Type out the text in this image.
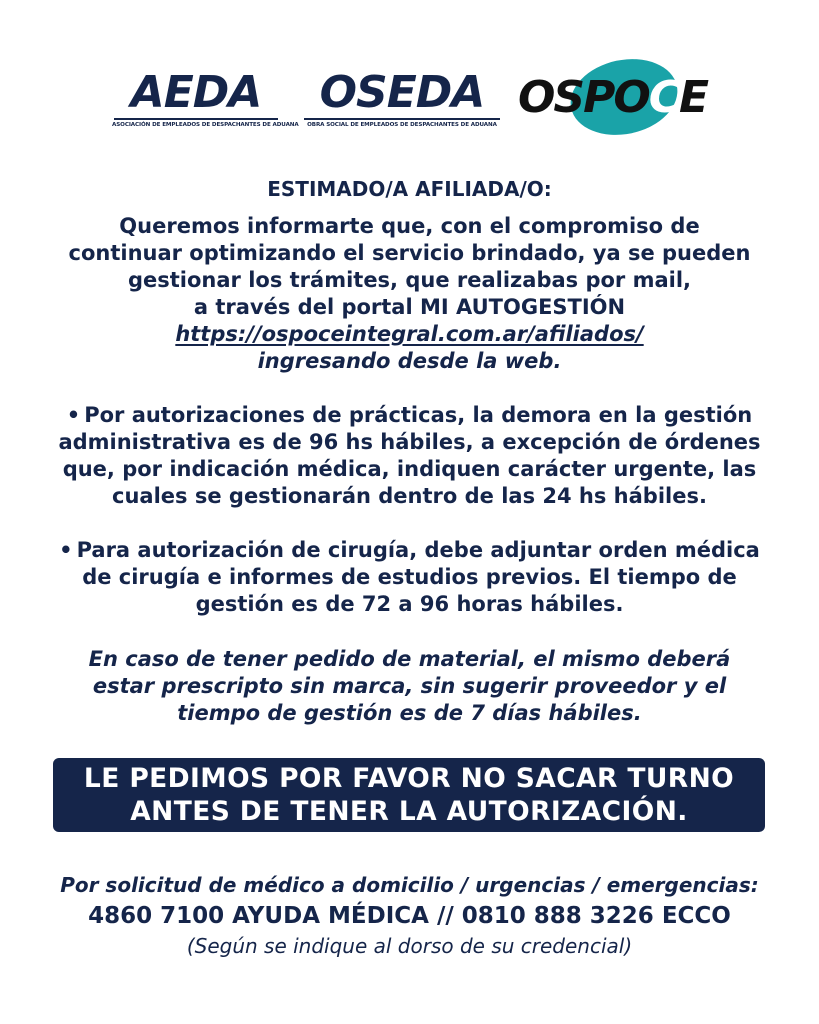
AEDA
ASOCIACIÓN DE EMPLEADOS DE DESPACHANTES DE ADUANA
OSEDA
OBRA SOCIAL DE EMPLEADOS DE DESPACHANTES DE ADUANA
OSPOCE
ESTIMADO/A AFILIADA/O:
Queremos informarte que, con el compromiso de
continuar optimizando el servicio brindado, ya se pueden
gestionar los trámites, que realizabas por mail,
a través del portal MI AUTOGESTIÓN
https://ospoceintegral.com.ar/afiliados/
ingresando desde la web.
• Por autorizaciones de prácticas, la demora en la gestión
administrativa es de 96 hs hábiles, a excepción de órdenes
que, por indicación médica, indiquen carácter urgente, las
cuales se gestionarán dentro de las 24 hs hábiles.
• Para autorización de cirugía, debe adjuntar orden médica
de cirugía e informes de estudios previos. El tiempo de
gestión es de 72 a 96 horas hábiles.
En caso de tener pedido de material, el mismo deberá
estar prescripto sin marca, sin sugerir proveedor y el
tiempo de gestión es de 7 días hábiles.
LE PEDIMOS POR FAVOR NO SACAR TURNO
ANTES DE TENER LA AUTORIZACIÓN.
Por solicitud de médico a domicilio / urgencias / emergencias:
4860 7100 AYUDA MÉDICA // 0810 888 3226 ECCO
(Según se indique al dorso de su credencial)
